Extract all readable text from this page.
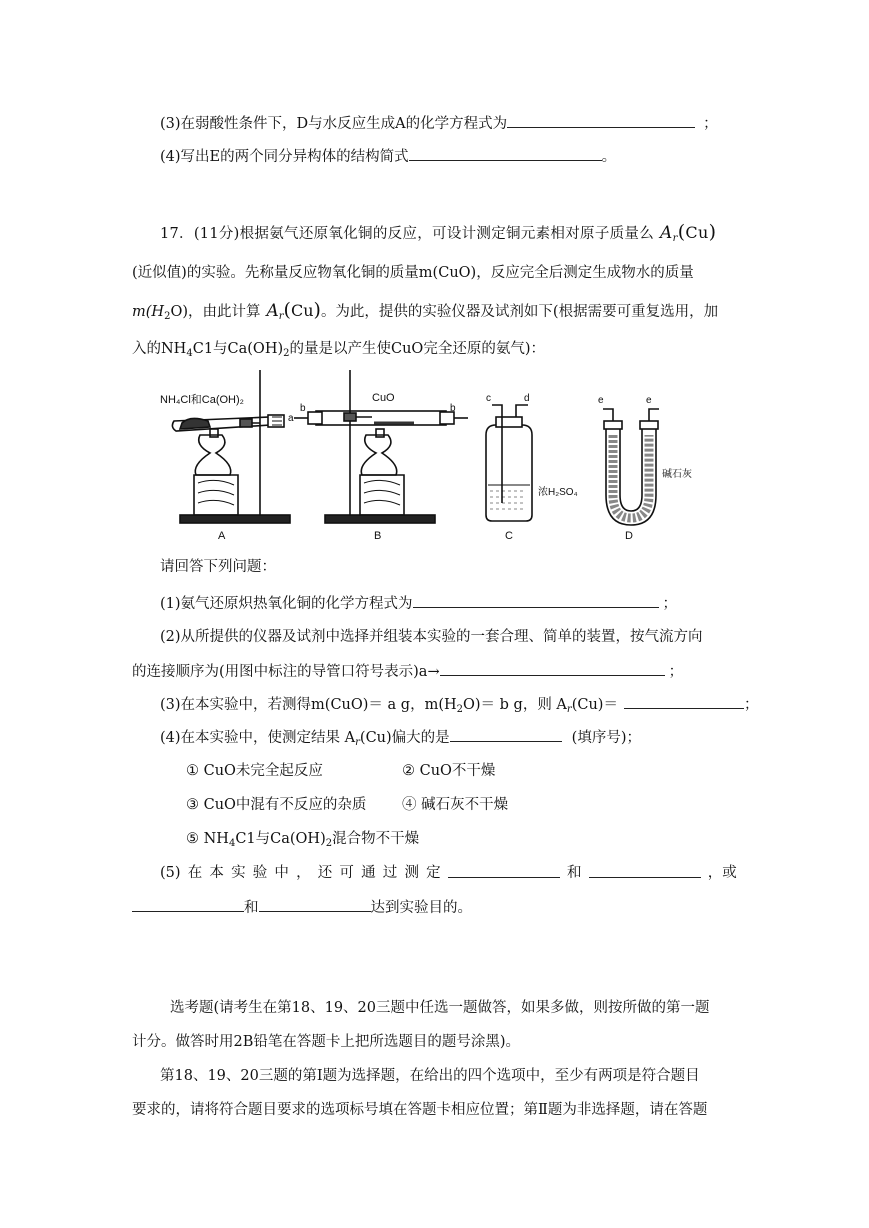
(3)在弱酸性条件下，D与水反应生成A的化学方程式为	；
(4)写出E的两个同分异构体的结构简式	。
17．(11分)根据氨气还原氧化铜的反应，可设计测定铜元素相对原子质量么 $A_r(Cu)$
(近似值)的实验。先称量反应物氧化铜的质量m(CuO)，反应完全后测定生成物水的质量
$m(H_2O)$，由此计算 $A_r(Cu)$。为此，提供的实验仪器及试剂如下(根据需要可重复选用，加
入的$NH_4C1$与$Ca(OH)_2$的量是以产生使CuO完全还原的氨气)：
NH₄Cl和Ca(OH)₂
a
A
CuO
b	b
B
c	d
浓H₂SO₄
C
e	e
碱石灰
D
请回答下列问题：
(1)氨气还原炽热氧化铜的化学方程式为	；
(2)从所提供的仪器及试剂中选择并组装本实验的一套合理、简单的装置，按气流方向
的连接顺序为(用图中标注的导管口符号表示)a→	；
(3)在本实验中，若测得m(CuO)＝ a g，$m(H_2O)= b$ g，则 $A_r(Cu)=$	；
(4)在本实验中，使测定结果 $A_r(Cu)$偏大的是	(填序号)；
① CuO未完全起反应	② CuO不干燥
③ CuO中混有不反应的杂质 ④ 碱石灰不干燥
⑤ $NH_4C1$与$Ca(OH)_2$混合物不干燥
(5) 在 本 实 验 中 ， 还 可 通 过 测 定	和	，或
和	达到实验目的。
选考题(请考生在第18、19、20三题中任选一题做答，如果多做，则按所做的第一题
计分。做答时用2B铅笔在答题卡上把所选题目的题号涂黑)。
第18、19、20三题的第Ⅰ题为选择题，在给出的四个选项中，至少有两项是符合题目
要求的，请将符合题目要求的选项标号填在答题卡相应位置；第Ⅱ题为非选择题，请在答题
